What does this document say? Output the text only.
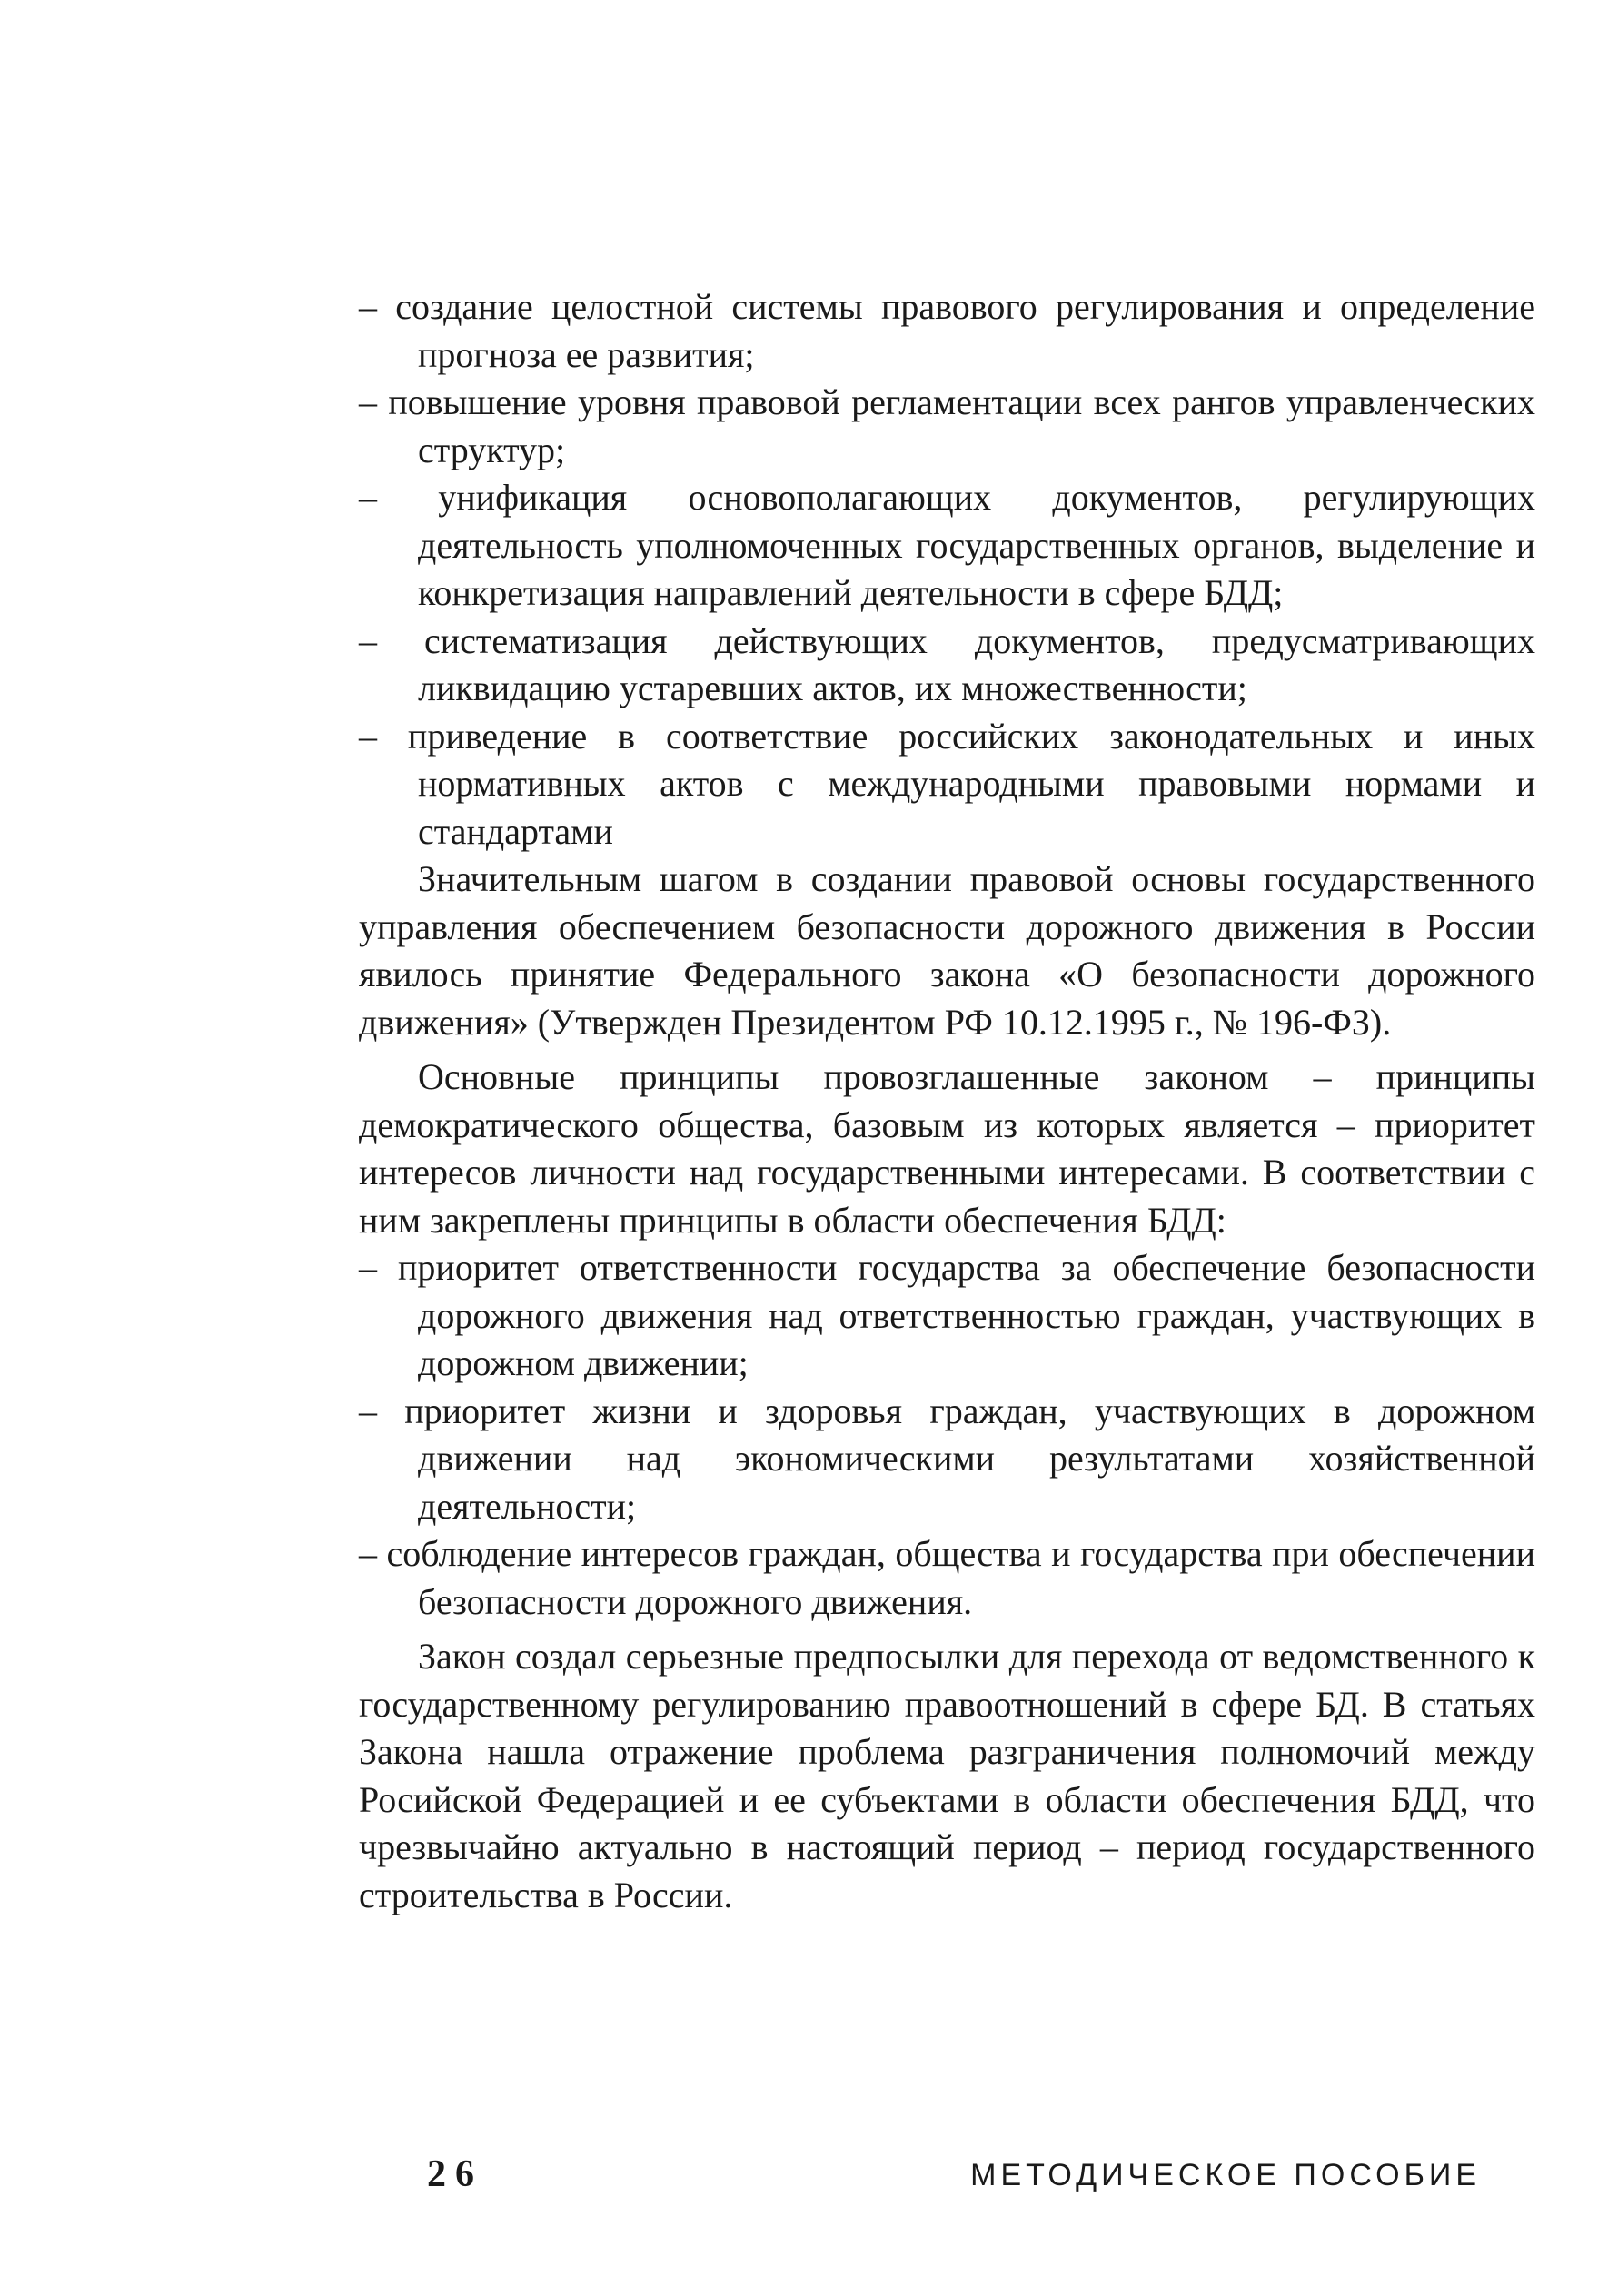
– создание целостной системы правового регулирования и определение прогноза ее развития;

– повышение уровня правовой регламентации всех рангов управленческих структур;

– унификация основополагающих документов, регулирующих деятельность уполномоченных государственных органов, выделение и конкретизация направлений деятельности в сфере БДД;

– систематизация действующих документов, предусматривающих ликвидацию устаревших актов, их множественности;

– приведение в соответствие российских законодательных и иных нормативных актов с международными правовыми нормами и стандартами

Значительным шагом в создании правовой основы государственного управления обеспечением безопасности дорожного движения в России явилось принятие Федерального закона «О безопасности дорожного движения» (Утвержден Президентом РФ 10.12.1995 г., № 196-ФЗ).

Основные принципы провозглашенные законом – принципы демократического общества, базовым из которых является – приоритет интересов личности над государственными интересами. В соответствии с ним закреплены принципы в области обеспечения БДД:

– приоритет ответственности государства за обеспечение безопасности дорожного движения над ответственностью граждан, участвующих в дорожном движении;

– приоритет жизни и здоровья граждан, участвующих в дорожном движении над экономическими результатами хозяйственной деятельности;

– соблюдение интересов граждан, общества и государства при обеспечении безопасности дорожного движения.

Закон создал серьезные предпосылки для перехода от ведомственного к государственному регулированию правоотношений в сфере БД. В статьях Закона нашла отражение проблема разграничения полномочий между Росийской Федерацией и ее субъектами в области обеспечения БДД, что чрезвычайно актуально в настоящий период – период государственного строительства в России.

26	МЕТОДИЧЕСКОЕ ПОСОБИЕ
